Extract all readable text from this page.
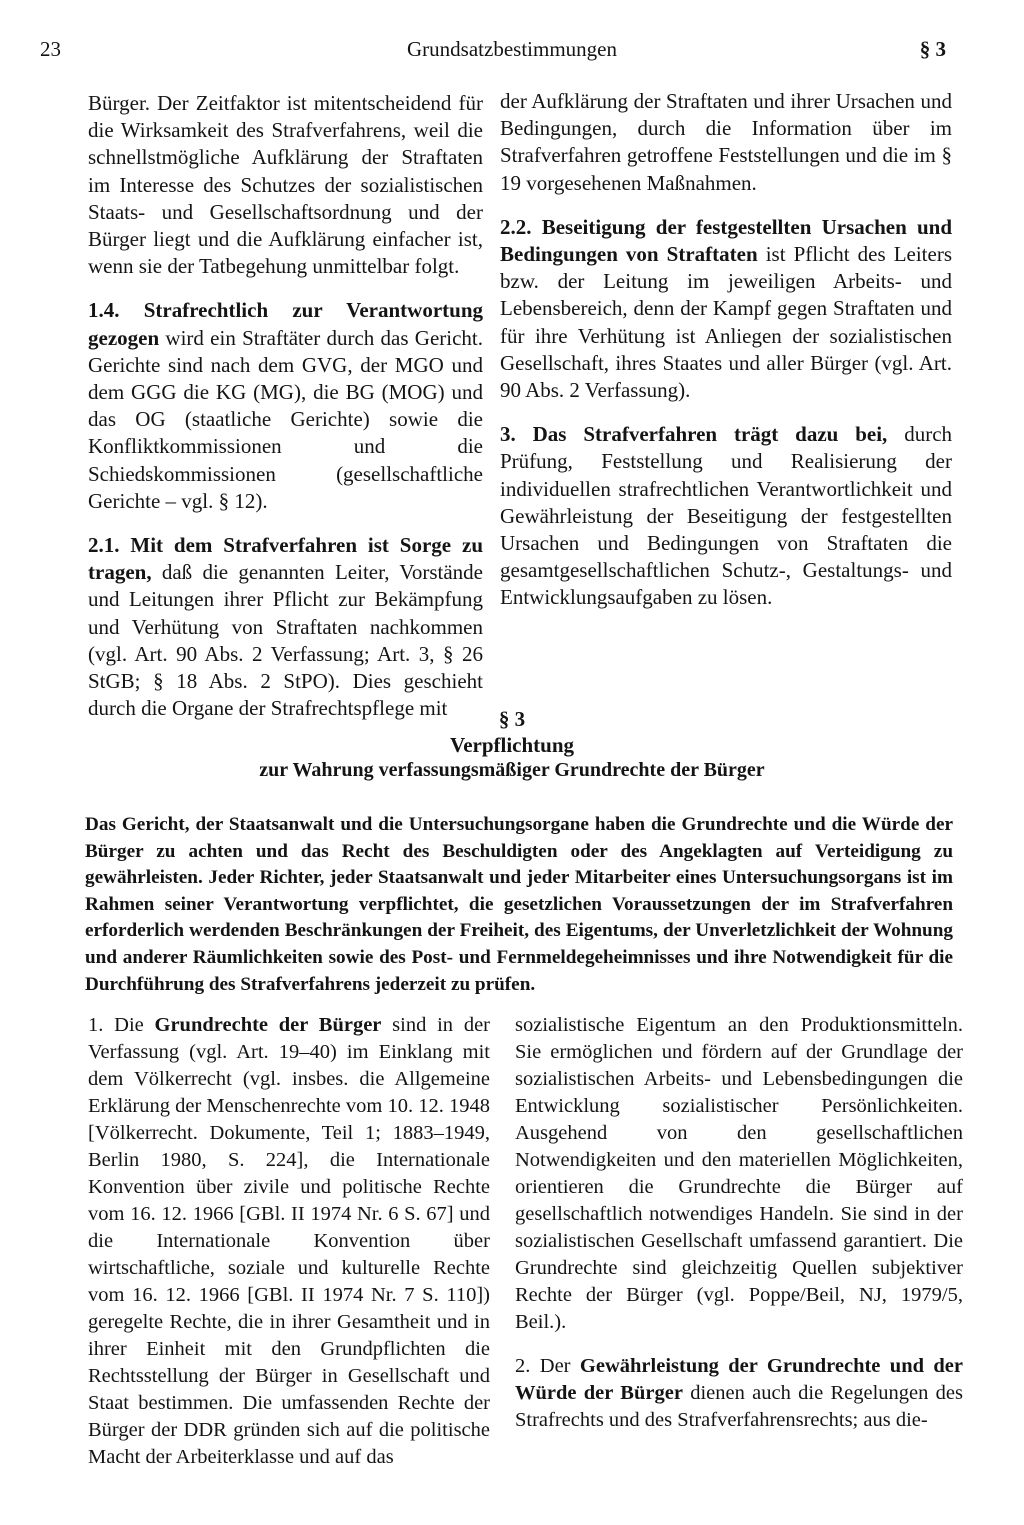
Grundsatzbestimmungen
23	§ 3

Bürger. Der Zeitfaktor ist mitentscheidend für die Wirksamkeit des Strafverfahrens, weil die schnellstmögliche Aufklärung der Straftaten im Interesse des Schutzes der sozialistischen Staats- und Gesellschaftsordnung und der Bürger liegt und die Aufklärung einfacher ist, wenn sie der Tatbegehung unmittelbar folgt.

1.4. Strafrechtlich zur Verantwortung gezogen wird ein Straftäter durch das Gericht. Gerichte sind nach dem GVG, der MGO und dem GGG die KG (MG), die BG (MOG) und das OG (staatliche Gerichte) sowie die Konfliktkommissionen und die Schiedskommissionen (gesellschaftliche Gerichte – vgl. § 12).

2.1. Mit dem Strafverfahren ist Sorge zu tragen, daß die genannten Leiter, Vorstände und Leitungen ihrer Pflicht zur Bekämpfung und Verhütung von Straftaten nachkommen (vgl. Art. 90 Abs. 2 Verfassung; Art. 3, § 26 StGB; § 18 Abs. 2 StPO). Dies geschieht durch die Organe der Strafrechtspflege mit

der Aufklärung der Straftaten und ihrer Ursachen und Bedingungen, durch die Information über im Strafverfahren getroffene Feststellungen und die im § 19 vorgesehenen Maßnahmen.

2.2. Beseitigung der festgestellten Ursachen und Bedingungen von Straftaten ist Pflicht des Leiters bzw. der Leitung im jeweiligen Arbeits- und Lebensbereich, denn der Kampf gegen Straftaten und für ihre Verhütung ist Anliegen der sozialistischen Gesellschaft, ihres Staates und aller Bürger (vgl. Art. 90 Abs. 2 Verfassung).

3. Das Strafverfahren trägt dazu bei, durch Prüfung, Feststellung und Realisierung der individuellen strafrechtlichen Verantwortlichkeit und Gewährleistung der Beseitigung der festgestellten Ursachen und Bedingungen von Straftaten die gesamtgesellschaftlichen Schutz-, Gestaltungs- und Entwicklungsaufgaben zu lösen.

§ 3
Verpflichtung
zur Wahrung verfassungsmäßiger Grundrechte der Bürger
Das Gericht, der Staatsanwalt und die Untersuchungsorgane haben die Grundrechte und die Würde der Bürger zu achten und das Recht des Beschuldigten oder des Angeklagten auf Verteidigung zu gewährleisten. Jeder Richter, jeder Staatsanwalt und jeder Mitarbeiter eines Untersuchungsorgans ist im Rahmen seiner Verantwortung verpflichtet, die gesetzlichen Voraussetzungen der im Strafverfahren erforderlich werdenden Beschränkungen der Freiheit, des Eigentums, der Unverletzlichkeit der Wohnung und anderer Räumlichkeiten sowie des Post- und Fernmeldegeheimnisses und ihre Notwendigkeit für die Durchführung des Strafverfahrens jederzeit zu prüfen.

1. Die Grundrechte der Bürger sind in der Verfassung (vgl. Art. 19–40) im Einklang mit dem Völkerrecht (vgl. insbes. die Allgemeine Erklärung der Menschenrechte vom 10. 12. 1948 [Völkerrecht. Dokumente, Teil 1; 1883–1949, Berlin 1980, S. 224], die Internationale Konvention über zivile und politische Rechte vom 16. 12. 1966 [GBl. II 1974 Nr. 6 S. 67] und die Internationale Konvention über wirtschaftliche, soziale und kulturelle Rechte vom 16. 12. 1966 [GBl. II 1974 Nr. 7 S. 110]) geregelte Rechte, die in ihrer Gesamtheit und in ihrer Einheit mit den Grundpflichten die Rechtsstellung der Bürger in Gesellschaft und Staat bestimmen. Die umfassenden Rechte der Bürger der DDR gründen sich auf die politische Macht der Arbeiterklasse und auf das

sozialistische Eigentum an den Produktionsmitteln. Sie ermöglichen und fördern auf der Grundlage der sozialistischen Arbeits- und Lebensbedingungen die Entwicklung sozialistischer Persönlichkeiten. Ausgehend von den gesellschaftlichen Notwendigkeiten und den materiellen Möglichkeiten, orientieren die Grundrechte die Bürger auf gesellschaftlich notwendiges Handeln. Sie sind in der sozialistischen Gesellschaft umfassend garantiert. Die Grundrechte sind gleichzeitig Quellen subjektiver Rechte der Bürger (vgl. Poppe/Beil, NJ, 1979/5, Beil.).

2. Der Gewährleistung der Grundrechte und der Würde der Bürger dienen auch die Regelungen des Strafrechts und des Strafverfahrensrechts; aus die-
